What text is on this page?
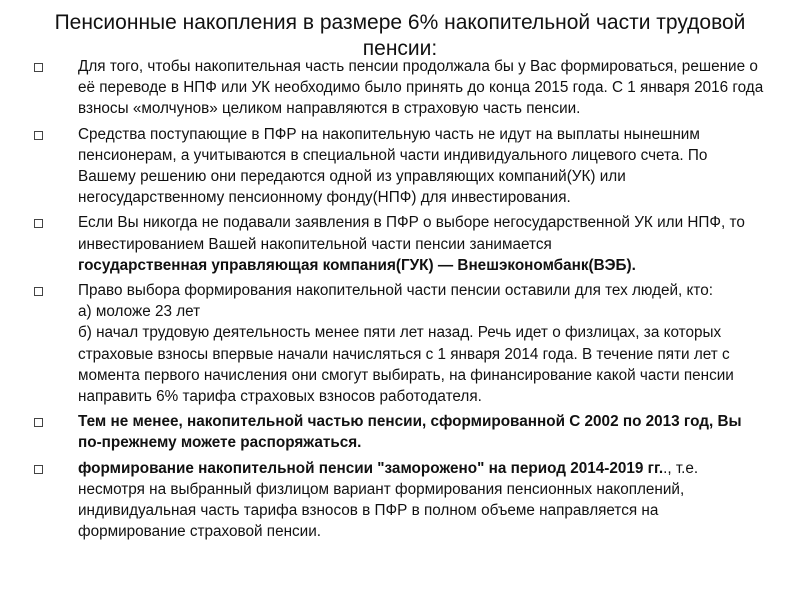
Пенсионные накопления в размере 6% накопительной части трудовой пенсии:
Для того, чтобы накопительная часть пенсии продолжала бы у Вас формироваться, решение о её переводе в НПФ или УК необходимо было принять до конца 2015 года. С 1 января 2016 года взносы «молчунов» целиком направляются в страховую часть пенсии.
Средства поступающие в ПФР на накопительную часть не идут на выплаты нынешним пенсионерам, а учитываются в специальной части индивидуального лицевого счета. По Вашему решению они передаются одной из управляющих компаний(УК) или негосударственному пенсионному фонду(НПФ) для инвестирования.
Если Вы никогда не подавали заявления в ПФР о выборе негосударственной УК или НПФ, то инвестированием Вашей накопительной части пенсии занимается
государственная управляющая компания(ГУК) — Внешэкономбанк(ВЭБ).
Право выбора формирования накопительной части пенсии оставили для тех людей, кто:
а) моложе 23 лет
б) начал трудовую деятельность менее пяти лет назад. Речь идет о физлицах, за которых страховые взносы впервые начали начисляться с 1 января 2014 года. В течение пяти лет с момента первого начисления они смогут выбирать, на финансирование какой части пенсии направить 6% тарифа страховых взносов работодателя.
Тем не менее, накопительной частью пенсии, сформированной С 2002 по 2013 год, Вы по-прежнему можете распоряжаться.
формирование накопительной пенсии "заморожено" на период 2014-2019 гг.., т.е. несмотря на выбранный физлицом вариант формирования пенсионных накоплений, индивидуальная часть тарифа взносов в ПФР в полном объеме направляется на формирование страховой пенсии.
